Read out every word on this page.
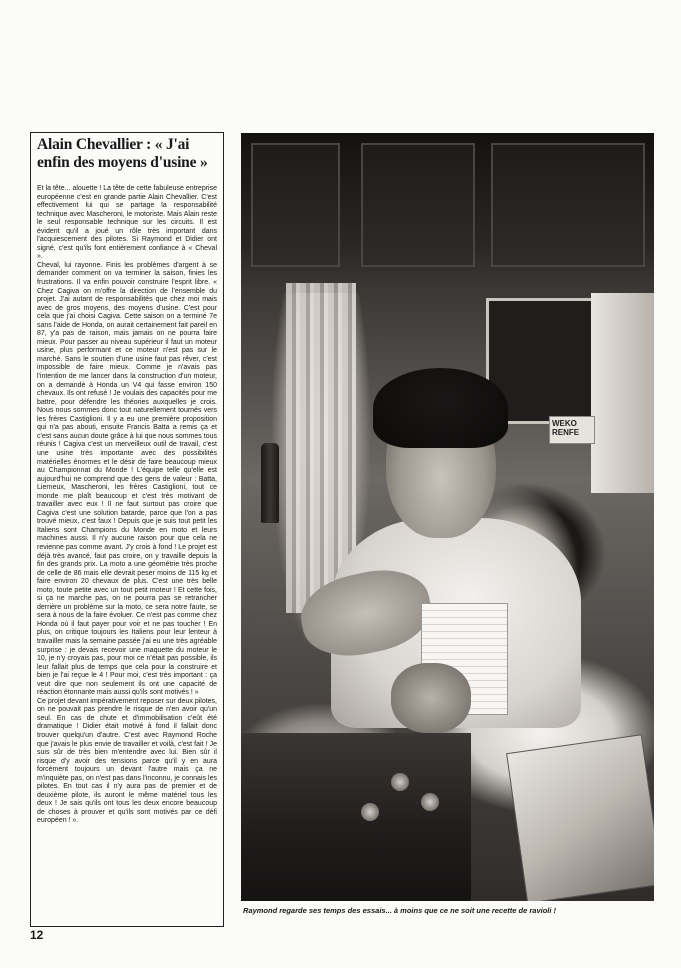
Alain Chevallier : « J'ai enfin des moyens d'usine »

Et la tête... alouette ! La tête de cette fabuleuse entreprise européenne c'est en grande partie Alain Chevallier. C'est effectivement lui qui se partage la responsabilité technique avec Mascheroni, le motoriste. Mais Alain reste le seul responsable technique sur les circuits. Il est évident qu'il a joué un rôle très important dans l'acquiescement des pilotes. Si Raymond et Didier ont signé, c'est qu'ils font entièrement confiance à « Cheval ».

Cheval, lui rayonne. Finis les problèmes d'argent à se demander comment on va terminer la saison, finies les frustrations. Il va enfin pouvoir construire l'esprit libre. « Chez Cagiva on m'offre la direction de l'ensemble du projet. J'ai autant de responsabilités que chez moi mais avec de gros moyens, des moyens d'usine. C'est pour cela que j'ai choisi Cagiva. Cette saison on a terminé 7e sans l'aide de Honda, on aurait certainement fait pareil en 87, y'a pas de raison, mais jamais on ne pourra faire mieux. Pour passer au niveau supérieur il faut un moteur usine, plus performant et ce moteur n'est pas sur le marché. Sans le soutien d'une usine faut pas rêver, c'est impossible de faire mieux. Comme je n'avais pas l'intention de me lancer dans la construction d'un moteur, on a demandé à Honda un V4 qui fasse environ 150 chevaux. Ils ont refusé ! Je voulais des capacités pour me battre, pour défendre les théories auxquelles je crois. Nous nous sommes donc tout naturellement tournés vers les frères Castiglioni. Il y a eu une première proposition qui n'a pas abouti, ensuite Francis Batta a remis ça et c'est sans aucun doute grâce à lui que nous sommes tous réunis ! Cagiva c'est un merveilleux outil de travail, c'est une usine très importante avec des possibilités matérielles énormes et le désir de faire beaucoup mieux au Championnat du Monde ! L'équipe telle qu'elle est aujourd'hui ne comprend que des gens de valeur : Batta, Lierneux, Mascheroni, les frères Castiglioni, tout ce monde me plaît beaucoup et c'est très motivant de travailler avec eux ! Il ne faut surtout pas croire que Cagiva c'est une solution batarde, parce que l'on a pas trouvé mieux, c'est faux ! Depuis que je suis tout petit les Italiens sont Champions du Monde en moto et leurs machines aussi. Il n'y aucune raison pour que cela ne revienne pas comme avant. J'y crois à fond ! Le projet est déjà très avancé, faut pas croire, on y travaille depuis la fin des grands prix. La moto a une géométrie très proche de celle de 86 mais elle devrait peser moins de 115 kg et faire environ 20 chevaux de plus. C'est une très belle moto, toute petite avec un tout petit moteur ! Et cette fois, si ça ne marche pas, on ne pourra pas se retrancher derrière un problème sur la moto, ce sera notre faute, se sera à nous de la faire évoluer. Ce n'est pas comme chez Honda où il faut payer pour voir et ne pas toucher ! En plus, on critique toujours les Italiens pour leur lenteur à travailler mais la semaine passée j'ai eu une très agréable surprise : je devais recevoir une maquette du moteur le 10, je n'y croyais pas, pour moi ce n'était pas possible, ils leur fallait plus de temps que cela pour la construire et bien je l'ai reçue le 4 ! Pour moi, c'est très important : ça veut dire que non seulement ils ont une capacité de réaction étonnante mais aussi qu'ils sont motivés ! »

Ce projet devant impérativement reposer sur deux pilotes, on ne pouvait pas prendre le risque de n'en avoir qu'un seul. En cas de chute et d'immobilisation c'eût été dramatique ! Didier était motivé à fond il fallait donc trouver quelqu'un d'autre. C'est avec Raymond Roche que j'avais le plus envie de travailler et voilà, c'est fait ! Je suis sûr de très bien m'entendre avec lui. Bien sûr il risque d'y avoir des tensions parce qu'il y en aura forcément toujours un devant l'autre mais ça ne m'inquiète pas, on n'est pas dans l'inconnu, je connais les pilotes. En tout cas il n'y aura pas de premier et de deuxième pilote, ils auront le même matériel tous les deux ! Je sais qu'ils ont tous les deux encore beaucoup de choses à prouver et qu'ils sont motivés par ce défi européen ! ».

WEKO RENFE

Raymond regarde ses temps des essais... à moins que ce ne soit une recette de ravioli !

12
